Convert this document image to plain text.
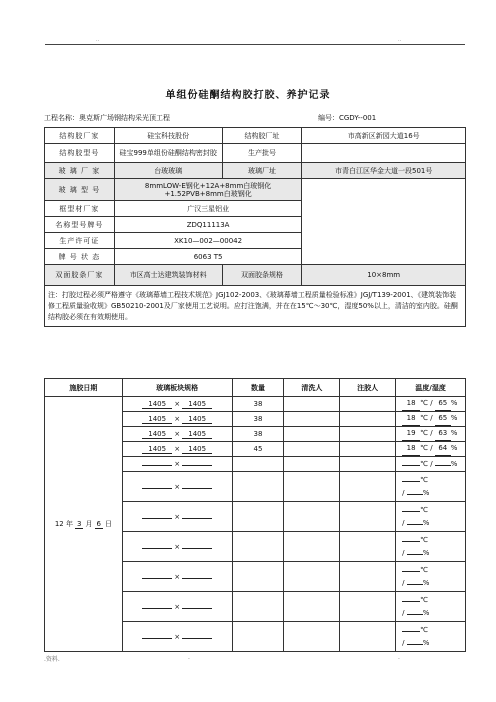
..	..
单组份硅酮结构胶打胶、养护记录
工程名称：奥克斯广场钢结构采光顶工程	编号：CGDY--001
结构胶厂家	硅宝科技股份	结构胶厂址	市高新区新园大道16号
结构胶型号	硅宝999单组份硅酮结构密封胶	生产批号	
玻 璃 厂 家	台玻玻璃	玻璃厂址	市青白江区华金大道一段501号
玻 璃 型 号	8mmLOW-E钢化+12A+8mm白玻钢化
+1.52PVB+8mm白玻钢化		

框型材厂家	广汉三星铝业		
名称型号牌号	ZDQ11113A		
生产许可证	XK10—002—00042		
牌 号 状 态	6063 T5		
双面胶条厂家	市区高士达建筑装饰材料	双面胶条规格	10×8mm
注：打胶过程必须严格遵守《玻璃幕墙工程技术规范》JGJ102-2003、《玻璃幕墙工程质量检验标准》JGJ/T139-2001、《建筑装饰装修工程质量验收规》GB50210-2001及厂家使用工艺说明。应打注饱满，并在在15℃～30℃，湿度50%以上，清洁的室内胶。硅酮结构胶必须在有效期使用。			
施胶日期	玻璃板块规格	数量	清洗人	注胶人	温度/湿度
12 年 3 月 6 日	1405 × 1405	38			18 ℃ / 65 %
	1405 × 1405	38			18 ℃ / 65 %
	1405 × 1405	38			19 ℃ / 63 %
	1405 × 1405	45			18 ℃ / 64 %
	×				℃ / %
	×				℃
/ %
	×				℃
/ %
	×				℃
/ %
	×				℃
/ %
	×				℃
/ %
	×				℃
/ %
.资料.	.	.
